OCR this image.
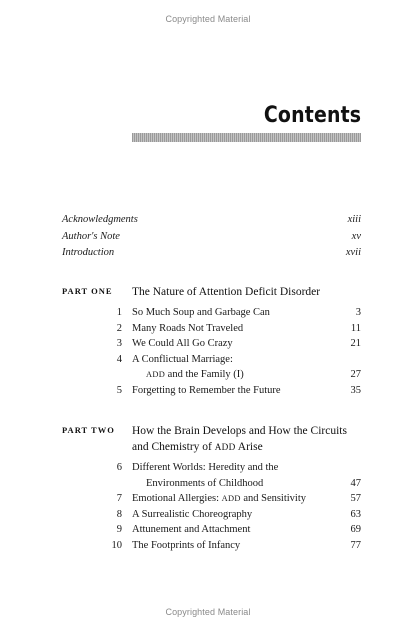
Copyrighted Material
Contents
Acknowledgments	xiii
Author's Note	xv
Introduction	xvii
PART ONE	The Nature of Attention Deficit Disorder
1 So Much Soup and Garbage Can	3
2 Many Roads Not Traveled	11
3 We Could All Go Crazy	21
4 A Conflictual Marriage:
ADD and the Family (I)	27
5 Forgetting to Remember the Future	35
PART TWO	How the Brain Develops and How the Circuits
and Chemistry of ADD Arise
6 Different Worlds: Heredity and the
Environments of Childhood	47
7 Emotional Allergies: ADD and Sensitivity	57
8 A Surrealistic Choreography	63
9 Attunement and Attachment	69
10 The Footprints of Infancy	77
Copyrighted Material
